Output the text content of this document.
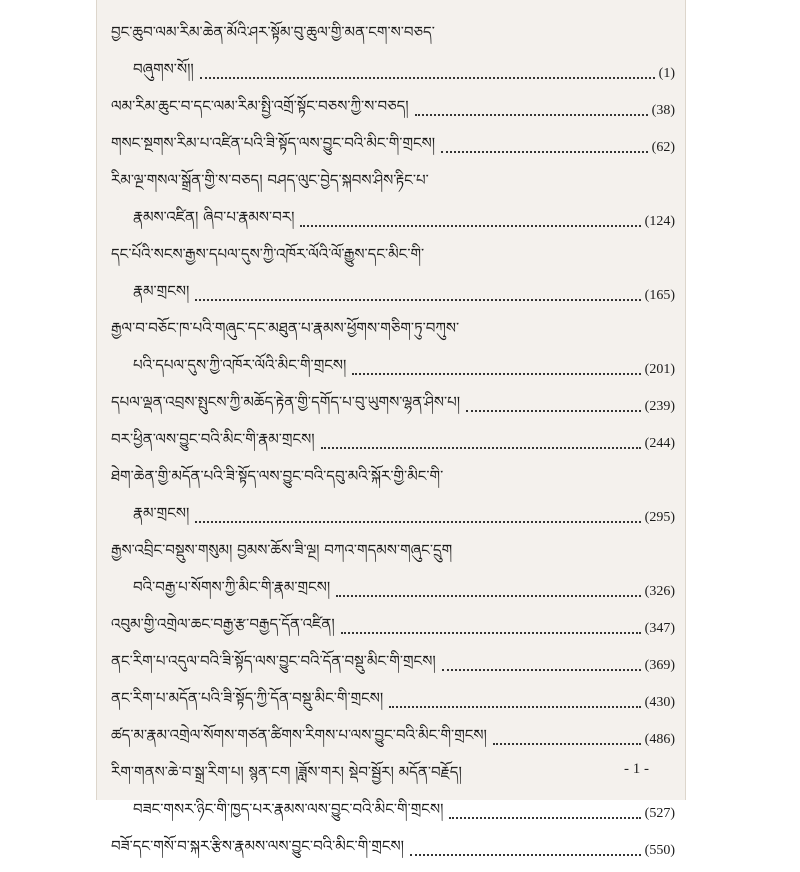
བྱང་ཆུབ་ལམ་རིམ་ཆེན་མོའི་ཤར་སྟོམ་བུ་ཆུལ་གྱི་མན་ངག་ས་བཅད་
བཞུགས་སོ།།	(1)
ལམ་རིམ་ཆུང་བ་དང་ལམ་རིམ་སྤྱི་འགྲོ་སྟོང་བཅས་ཀྱི་ས་བཅད།	(38)
གསང་སྔགས་རིམ་པ་འཛིན་པའི་ཟི་སྟོད་ལས་བྱུང་བའི་མིང་གི་གྲངས།	(62)
རིམ་ལྔ་གསལ་སྒྲོན་གྱི་ས་བཅད། བཤད་ལུང་བྱེད་སྐབས་ཤིས་རྟིང་པ་
རྣམས་འཛིན། ཞིབ་པ་རྣམས་བར།	(124)
དང་པོའི་སངས་རྒྱས་དཔལ་དུས་ཀྱི་འཁོར་ལོའི་ལོ་རྒྱུས་དང་མིང་གི་
རྣམ་གྲངས།	(165)
རྒྱལ་བ་བཅོང་ཁ་པའི་གཞུང་དང་མཐུན་པ་རྣམས་ཕྱོགས་གཅིག་ཏུ་བཀུས་
པའི་དཔལ་དུས་ཀྱི་འཁོར་ལོའི་མིང་གི་གྲངས།	(201)
དཔལ་ལྡན་འབྲས་སྤུངས་ཀྱི་མཆོད་རྟེན་གྱི་དགོད་པ་བུ་ཡུགས་ལྷན་ཤིས་པ།	(239)
བར་ཕྱིན་ལས་བྱུང་བའི་མིང་གི་རྣམ་གྲངས།	(244)
ཐེག་ཆེན་གྱི་མདོན་པའི་ཟི་སྟོད་ལས་བྱུང་བའི་དབུ་མའི་སྐོར་གྱི་མིང་གི་
རྣམ་གྲངས།	(295)
རྒྱས་འབྲིང་བསྡུས་གསུམ། བྱམས་ཆོས་ཟི་ལྔ། བཀའ་གདམས་གཞུང་དྲུག
བའི་བརྒྱ་པ་སོགས་ཀྱི་མིང་གི་རྣམ་གྲངས།	(326)
འབུམ་གྱི་འགྲེལ་ཆང་བརྒྱ་རྩ་བརྒྱད་དོན་འཛིན།	(347)
ནང་རིག་པ་འདུལ་བའི་ཟི་སྟོད་ལས་བྱུང་བའི་དོན་བསྡུ་མིང་གི་གྲངས།	(369)
ནང་རིག་པ་མདོན་པའི་ཟི་སྟོད་ཀྱི་དོན་བསྡུ་མིང་གི་གྲངས།	(430)
ཚད་མ་རྣམ་འགྲེལ་སོགས་གཙན་ཚིགས་རིགས་པ་ལས་བྱུང་བའི་མིང་གི་གྲངས།	(486)
རིག་གནས་ཆེ་བ་སྒྲ་རིག་པ། སྙན་ངག །ཟློས་གར། སྡེབ་སྦྱོར། མདོན་བརྗོད།
བཟང་གསར་ཉིང་གི་ཁྱད་པར་རྣམས་ལས་བྱུང་བའི་མིང་གི་གྲངས།	(527)
བཟོ་དང་གསོ་བ་སྐར་རྩིས་རྣམས་ལས་བྱུང་བའི་མིང་གི་གྲངས།	(550)
- 1 -
